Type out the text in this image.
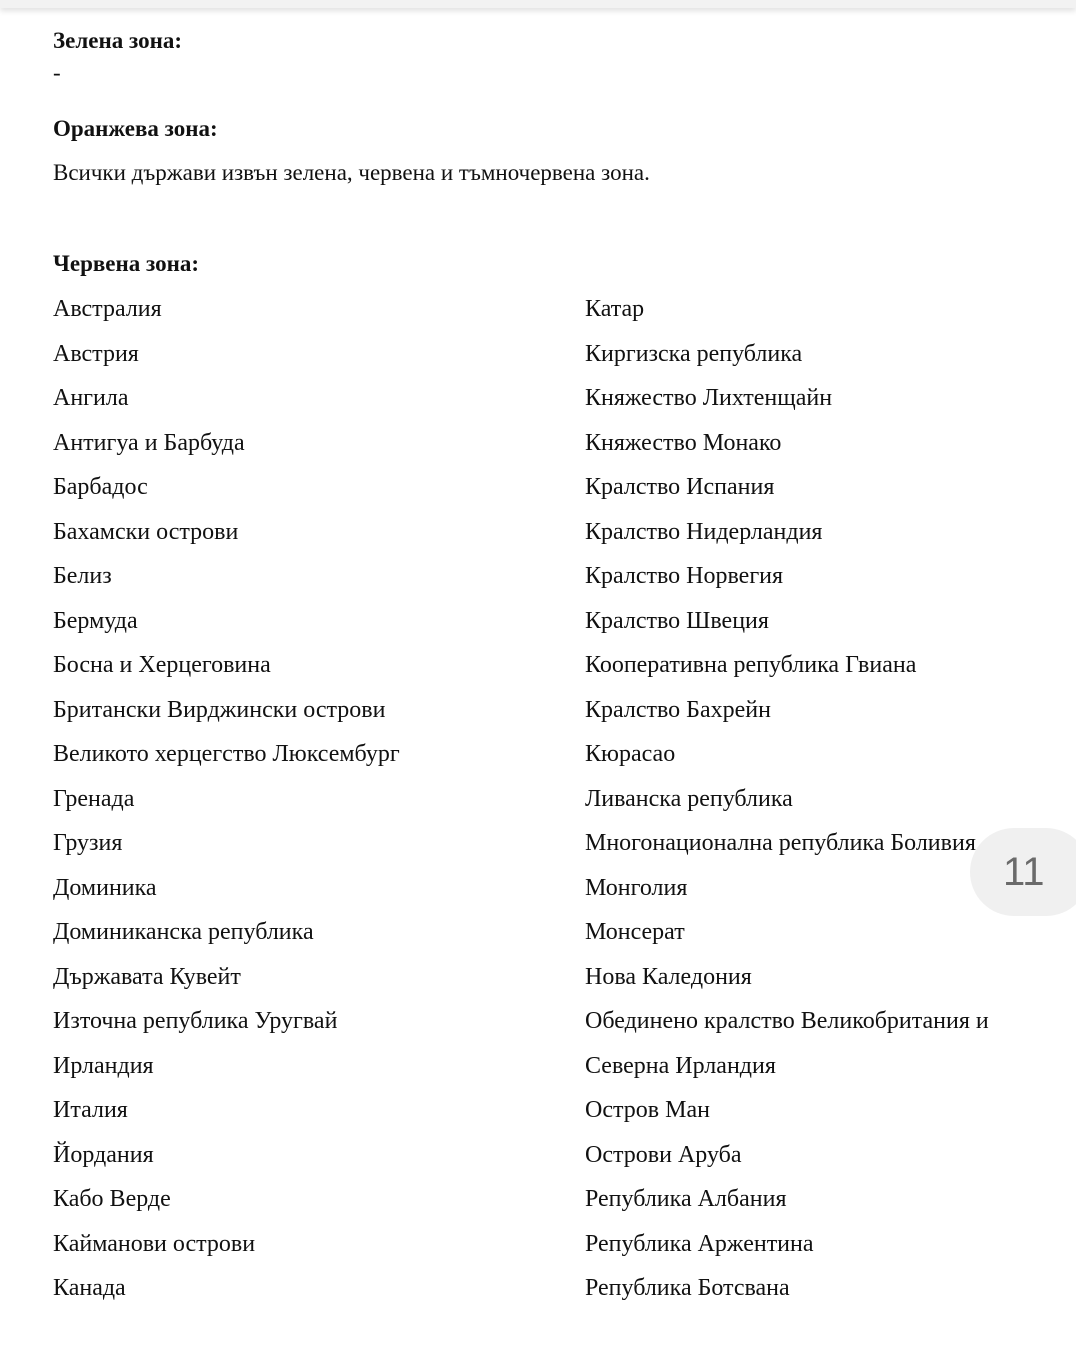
Зелена зона:
-
Оранжева зона:
Всички държави извън зелена, червена и тъмночервена зона.
Червена зона:
Австралия
Австрия
Ангила
Антигуа и Барбуда
Барбадос
Бахамски острови
Белиз
Бермуда
Босна и Херцеговина
Британски Вирджински острови
Великото херцегство Люксембург
Гренада
Грузия
Доминика
Доминиканска република
Държавата Кувейт
Източна република Уругвай
Ирландия
Италия
Йордания
Кабо Верде
Кайманови острови
Канада
Катар
Киргизска република
Княжество Лихтенщайн
Княжество Монако
Кралство Испания
Кралство Нидерландия
Кралство Норвегия
Кралство Швеция
Кооперативна република Гвиана
Кралство Бахрейн
Кюрасао
Ливанска република
Многонационална република Боливия
Монголия
Монсерат
Нова Каледония
Обединено кралство Великобритания и
Северна Ирландия
Остров Ман
Острови Аруба
Република Албания
Република Аржентина
Република Ботсвана
11
